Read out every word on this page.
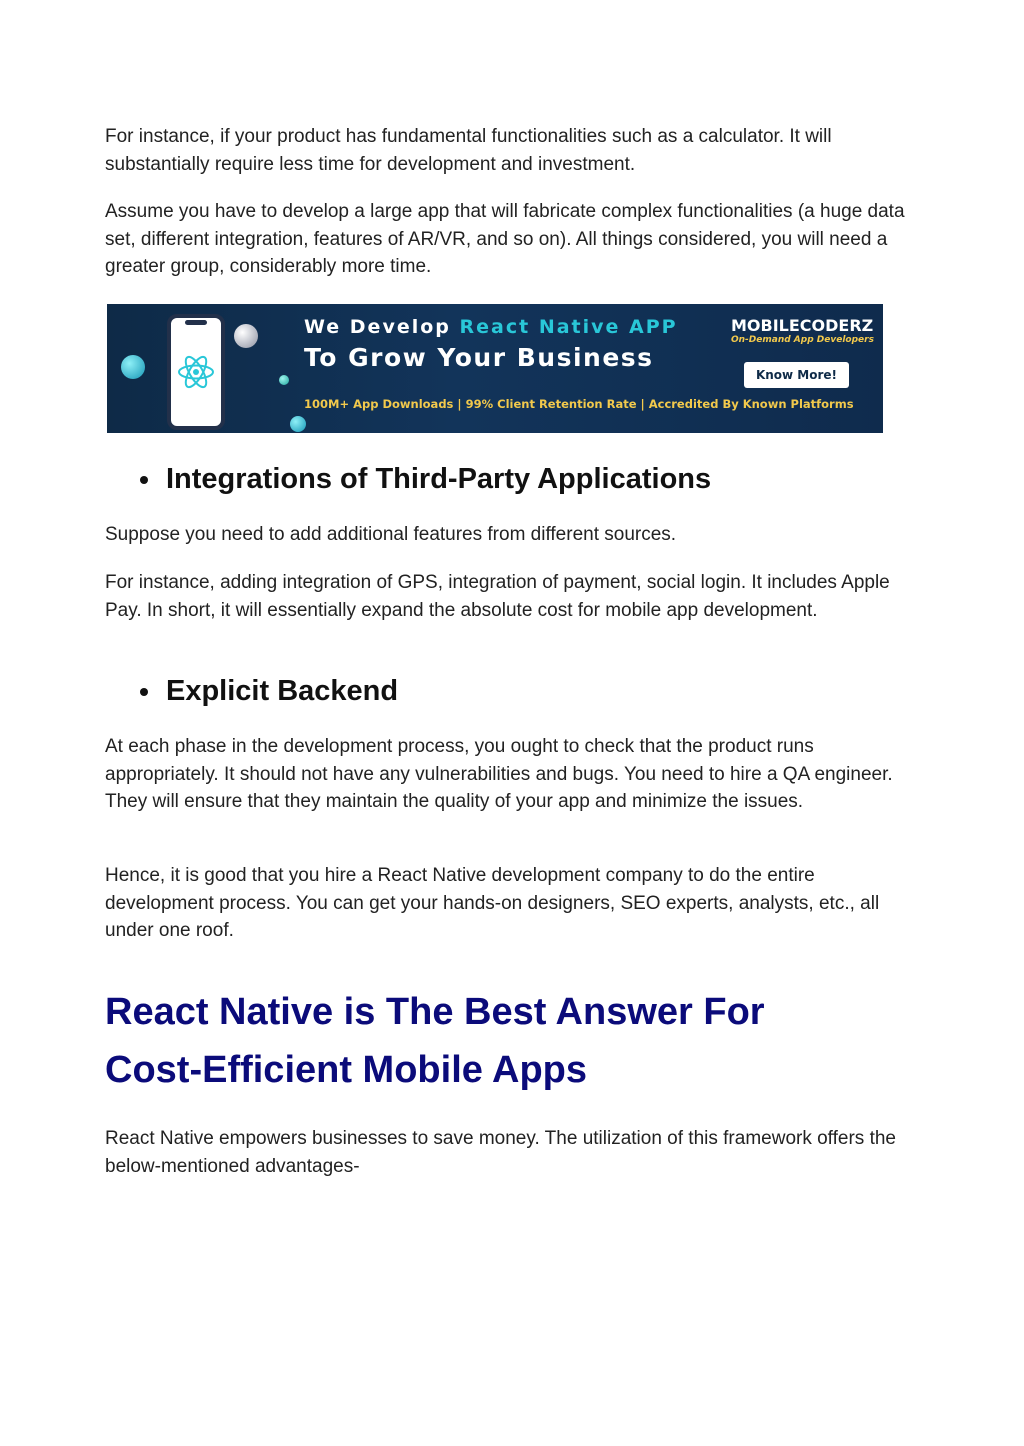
For instance, if your product has fundamental functionalities such as a calculator. It will substantially require less time for development and investment.

Assume you have to develop a large app that will fabricate complex functionalities (a huge data set, different integration, features of AR/VR, and so on). All things considered, you will need a greater group, considerably more time.

We Develop React Native APP
To Grow Your Business
100M+ App Downloads | 99% Client Retention Rate | Accredited By Known Platforms
MOBILECODERZ
On-Demand App Developers
Know More!
Integrations of Third-Party Applications

Suppose you need to add additional features from different sources.

For instance, adding integration of GPS, integration of payment, social login. It includes Apple Pay. In short, it will essentially expand the absolute cost for mobile app development.

Explicit Backend

At each phase in the development process, you ought to check that the product runs appropriately. It should not have any vulnerabilities and bugs. You need to hire a QA engineer. They will ensure that they maintain the quality of your app and minimize the issues.

Hence, it is good that you hire a React Native development company to do the entire development process. You can get your hands-on designers, SEO experts, analysts, etc., all under one roof.

React Native is The Best Answer For
Cost-Efficient Mobile Apps

React Native empowers businesses to save money. The utilization of this framework offers the below-mentioned advantages-
